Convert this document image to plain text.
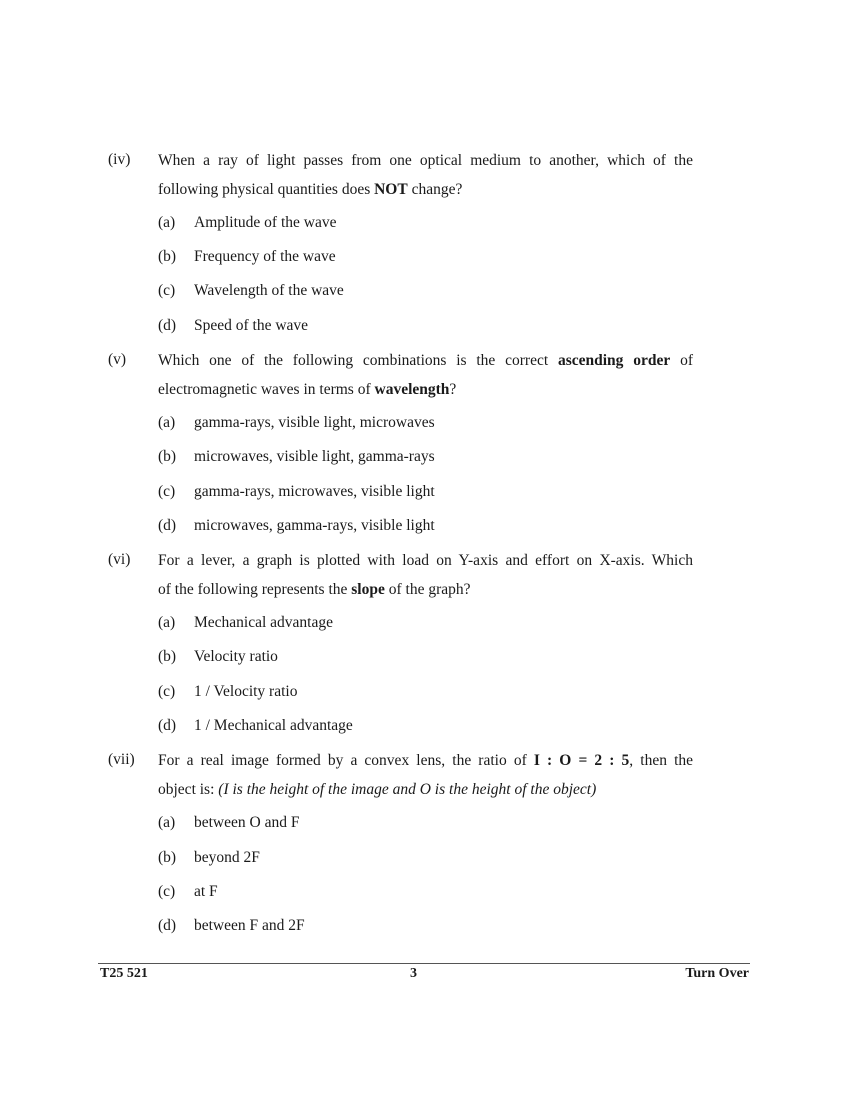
(iv) When a ray of light passes from one optical medium to another, which of the
following physical quantities does NOT change?
(a) Amplitude of the wave
(b) Frequency of the wave
(c) Wavelength of the wave
(d) Speed of the wave
(v) Which one of the following combinations is the correct ascending order of
electromagnetic waves in terms of wavelength?
(a) gamma-rays, visible light, microwaves
(b) microwaves, visible light, gamma-rays
(c) gamma-rays, microwaves, visible light
(d) microwaves, gamma-rays, visible light
(vi) For a lever, a graph is plotted with load on Y-axis and effort on X-axis. Which
of the following represents the slope of the graph?
(a) Mechanical advantage
(b) Velocity ratio
(c) 1 / Velocity ratio
(d) 1 / Mechanical advantage
(vii) For a real image formed by a convex lens, the ratio of I : O = 2 : 5, then the
object is: (I is the height of the image and O is the height of the object)
(a) between O and F
(b) beyond 2F
(c) at F
(d) between F and 2F
T25 521	3	Turn Over
